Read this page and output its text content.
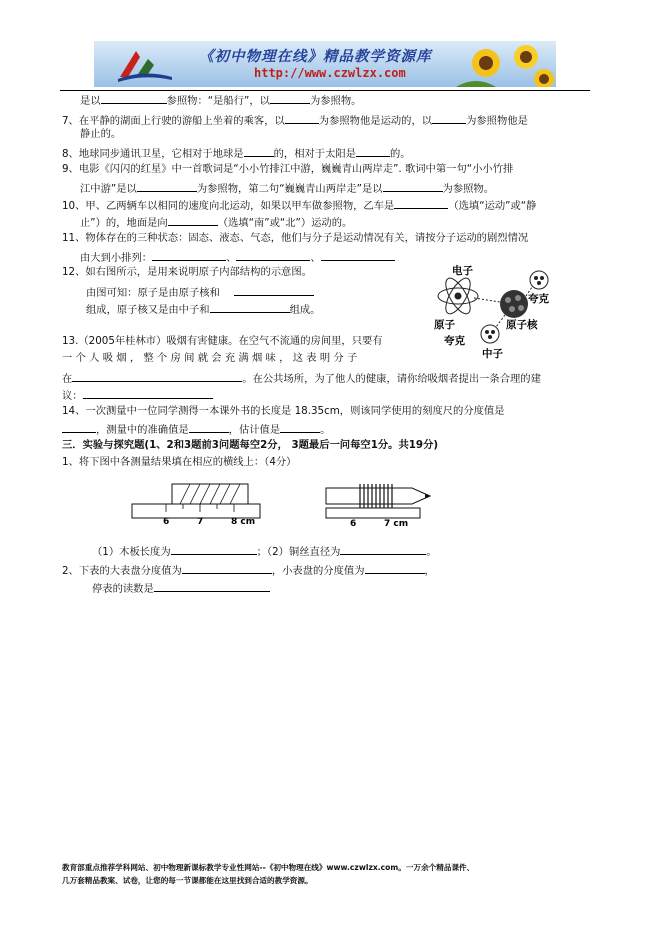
《初中物理在线》精品教学资源库
http://www.czwlzx.com
是以	参照物：“是船行”，以	为参照物。
7、在平静的湖面上行驶的游船上坐着的乘客，以	为参照物他是运动的，以	为参照物他是
静止的。
8、地球同步通讯卫星，它相对于地球是	的，相对于太阳是	的。
9、电影《闪闪的红星》中一首歌词是“小小竹排江中游，巍巍青山两岸走”. 歌词中第一句“小小竹排
江中游”是以	为参照物，第二句“巍巍青山两岸走”是以	为参照物。
10、甲、乙两辆车以相同的速度向北运动，如果以甲车做参照物，乙车是	（选填“运动”或“静
止”）的，地面是向	（选填“南”或“北”）运动的。
11、物体存在的三种状态：固态、液态、气态，他们与分子是运动情况有关，请按分子运动的剧烈情况
由大到小排列：	、	、
12、如右图所示，是用来说明原子内部结构的示意图。
由图可知：原子是由原子核和
组成，原子核又是由中子和	组成。
电子
夸克
原子	原子核
夸克
中子
13.（2005年桂林市）吸烟有害健康。在空气不流通的房间里，只要有
一 个 人 吸 烟 ， 整 个 房 间 就 会 充 满 烟 味 ， 这 表 明 分 子
在	。在公共场所，为了他人的健康，请你给吸烟者提出一条合理的建
议：
14、一次测量中一位同学测得一本课外书的长度是 18.35cm，则该同学使用的刻度尺的分度值是
，测量中的准确值是	，估计值是	。
三．实验与探究题(1、2和3题前3问题每空2分， 3题最后一问每空1分。共19分)
1、将下图中各测量结果填在相应的横线上：（4分）
6	7	8 cm	6	7 cm
（1）木板长度为	；（2）铜丝直径为	。
2、下表的大表盘分度值为	，小表盘的分度值为	，
停表的读数是
教育部重点推荐学科网站、初中物理新课标教学专业性网站--《初中物理在线》www.czwlzx.com。一万余个精品课件、
几万套精品教案、试卷，让您的每一节课都能在这里找到合适的教学资源。
